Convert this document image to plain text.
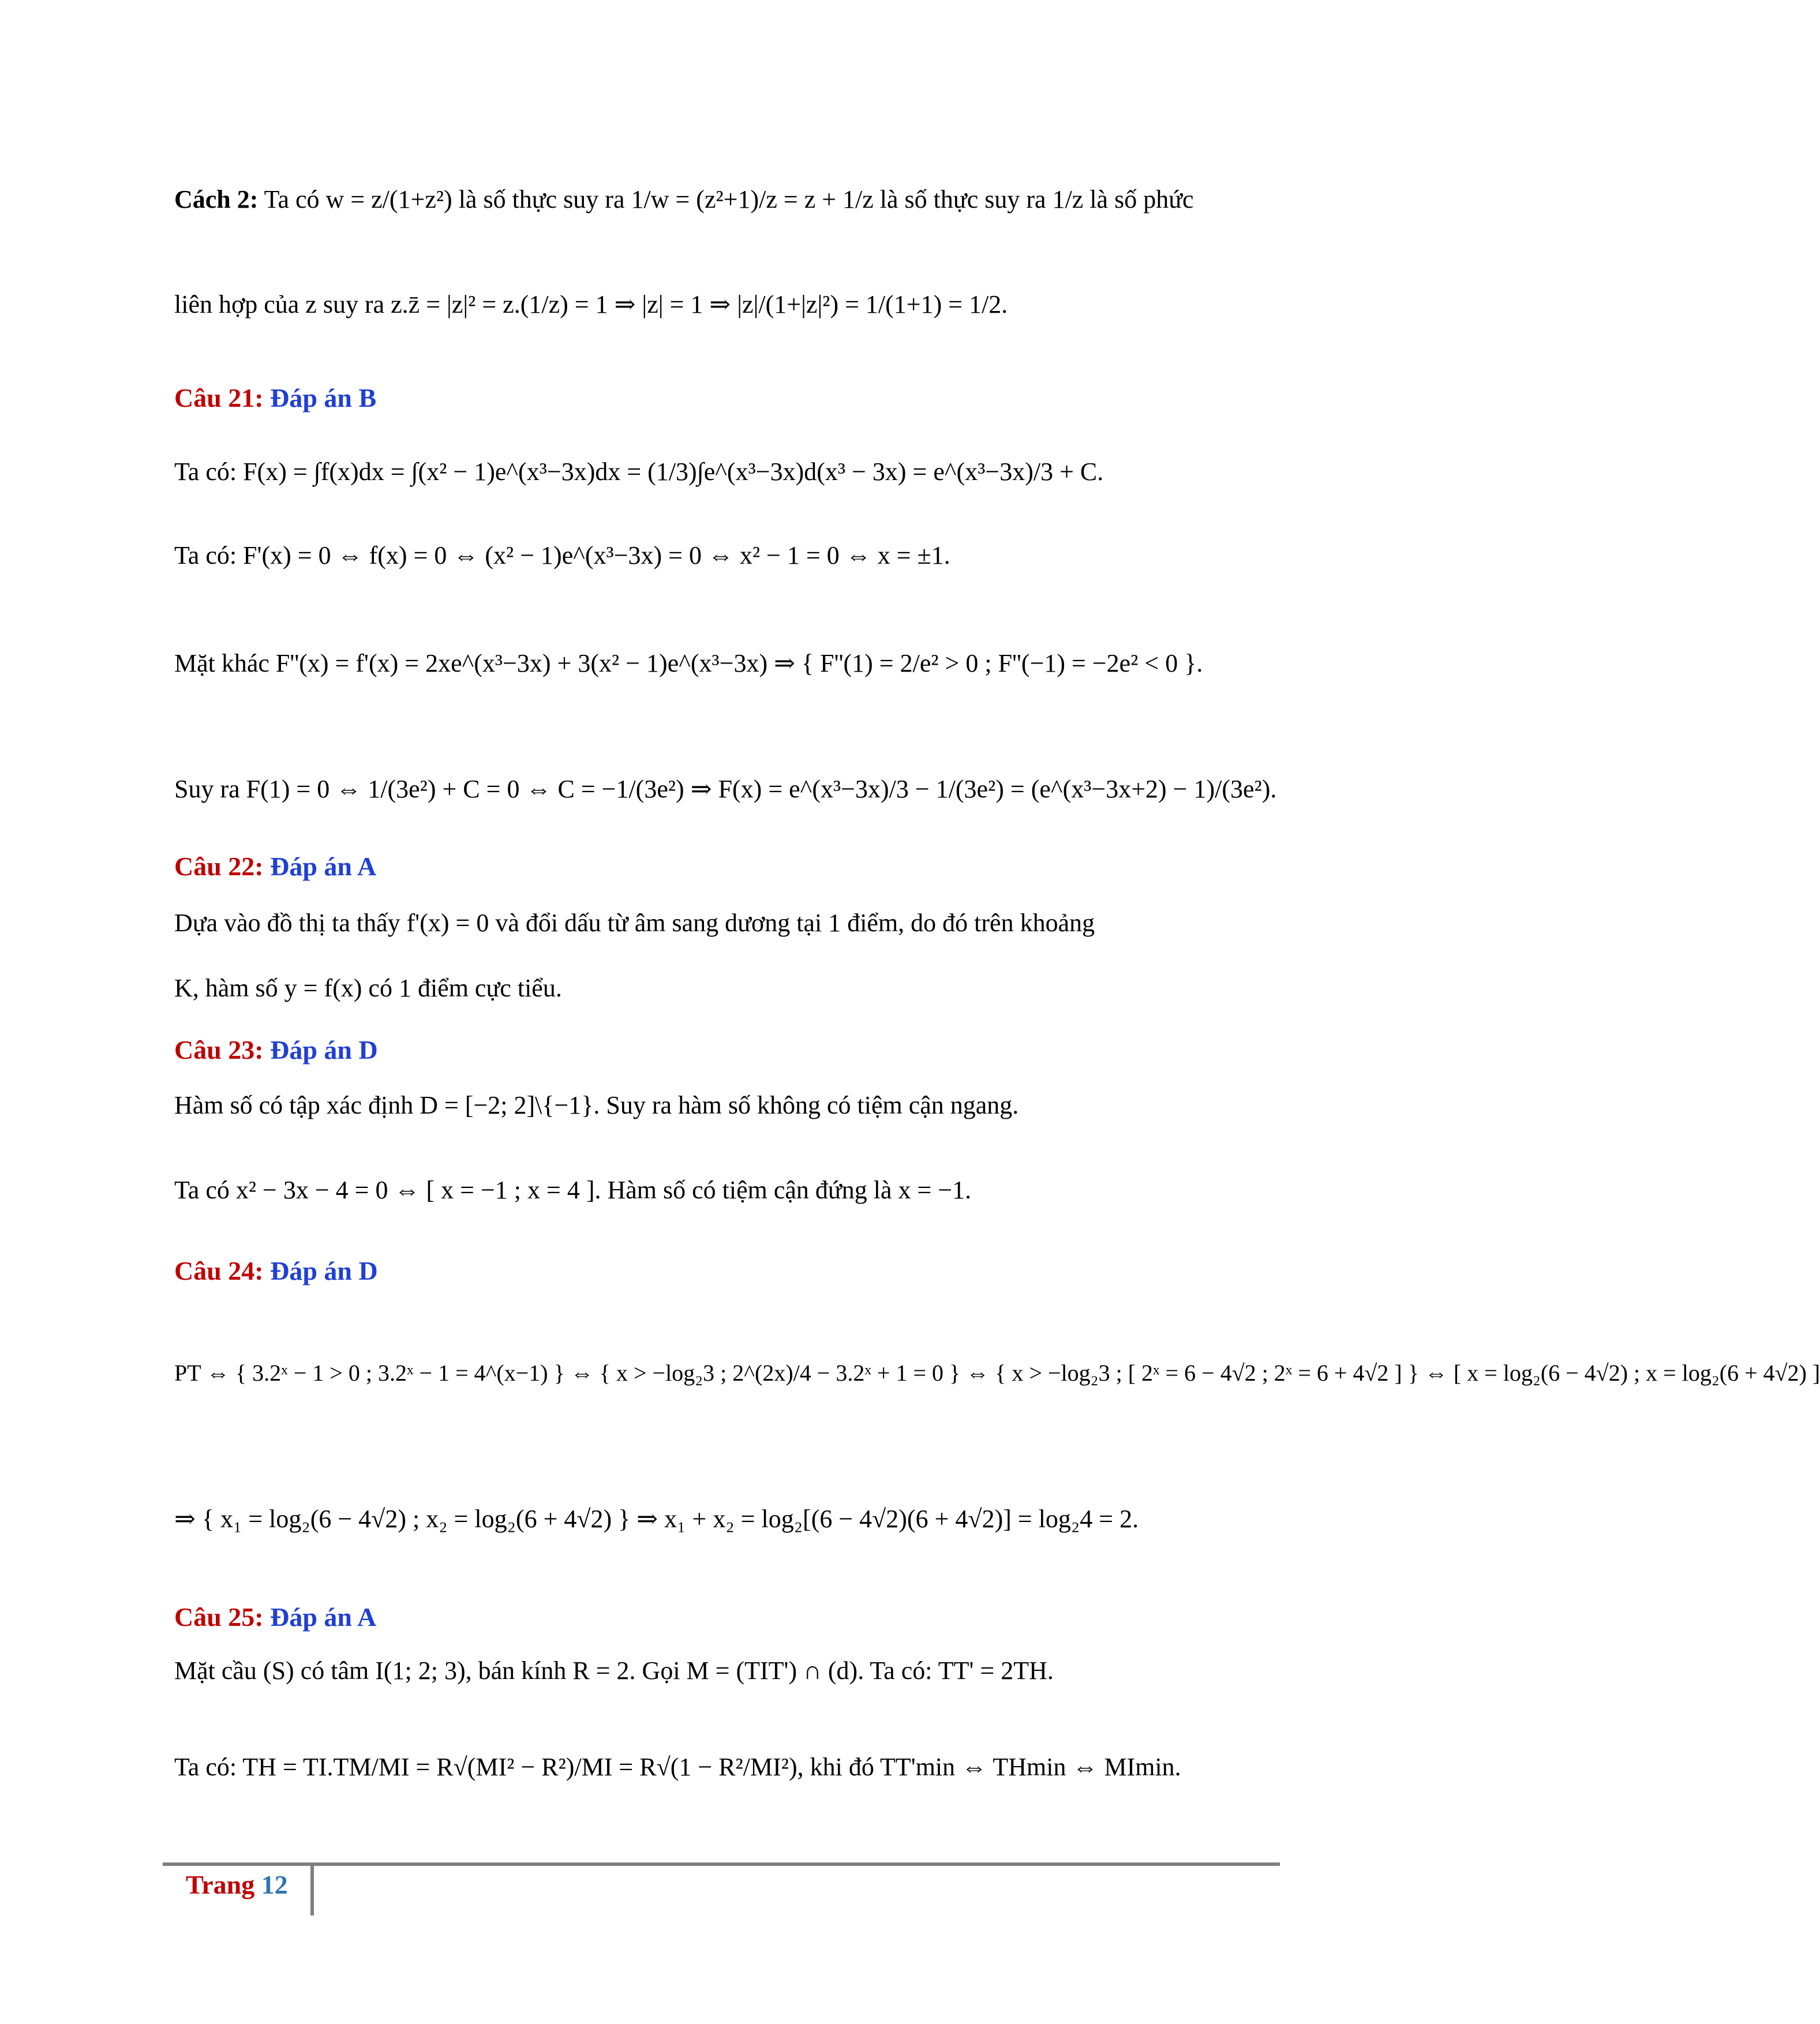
Cách 2: Ta có w = z/(1+z²) là số thực suy ra 1/w = (z²+1)/z = z + 1/z là số thực suy ra 1/z là số phức
liên hợp của z suy ra z.z̄ = |z|² = z.(1/z) = 1 ⇒ |z| = 1 ⇒ |z|/(1+|z|²) = 1/(1+1) = 1/2.
Câu 21: Đáp án B
Ta có: F(x) = ∫f(x)dx = ∫(x² − 1)e^(x³−3x)dx = (1/3)∫e^(x³−3x)d(x³ − 3x) = e^(x³−3x)/3 + C.
Ta có: F'(x) = 0 ⇔ f(x) = 0 ⇔ (x² − 1)e^(x³−3x) = 0 ⇔ x² − 1 = 0 ⇔ x = ±1.
Mặt khác F''(x) = f'(x) = 2xe^(x³−3x) + 3(x² − 1)e^(x³−3x) ⇒ { F''(1) = 2/e² > 0 ; F''(−1) = −2e² < 0 }.
Suy ra F(1) = 0 ⇔ 1/(3e²) + C = 0 ⇔ C = −1/(3e²) ⇒ F(x) = e^(x³−3x)/3 − 1/(3e²) = (e^(x³−3x+2) − 1)/(3e²).
Câu 22: Đáp án A
Dựa vào đồ thị ta thấy f'(x) = 0 và đổi dấu từ âm sang dương tại 1 điểm, do đó trên khoảng
K, hàm số y = f(x) có 1 điểm cực tiểu.
Câu 23: Đáp án D
Hàm số có tập xác định D = [−2; 2]\{−1}. Suy ra hàm số không có tiệm cận ngang.
Ta có x² − 3x − 4 = 0 ⇔ [ x = −1 ; x = 4 ]. Hàm số có tiệm cận đứng là x = −1.
Câu 24: Đáp án D
PT ⇔ { 3.2ˣ − 1 > 0 ; 3.2ˣ − 1 = 4^(x−1) } ⇔ { x > −log₂3 ; 2^(2x)/4 − 3.2ˣ + 1 = 0 } ⇔ { x > −log₂3 ; [ 2ˣ = 6 − 4√2 ; 2ˣ = 6 + 4√2 ] } ⇔ [ x = log₂(6 − 4√2) ; x = log₂(6 + 4√2) ]
⇒ { x₁ = log₂(6 − 4√2) ; x₂ = log₂(6 + 4√2) } ⇒ x₁ + x₂ = log₂[(6 − 4√2)(6 + 4√2)] = log₂4 = 2.
Câu 25: Đáp án A
Mặt cầu (S) có tâm I(1; 2; 3), bán kính R = 2. Gọi M = (TIT') ∩ (d). Ta có: TT' = 2TH.
Ta có: TH = TI.TM/MI = R√(MI² − R²)/MI = R√(1 − R²/MI²), khi đó TT'min ⇔ THmin ⇔ MImin.
Trang 12
